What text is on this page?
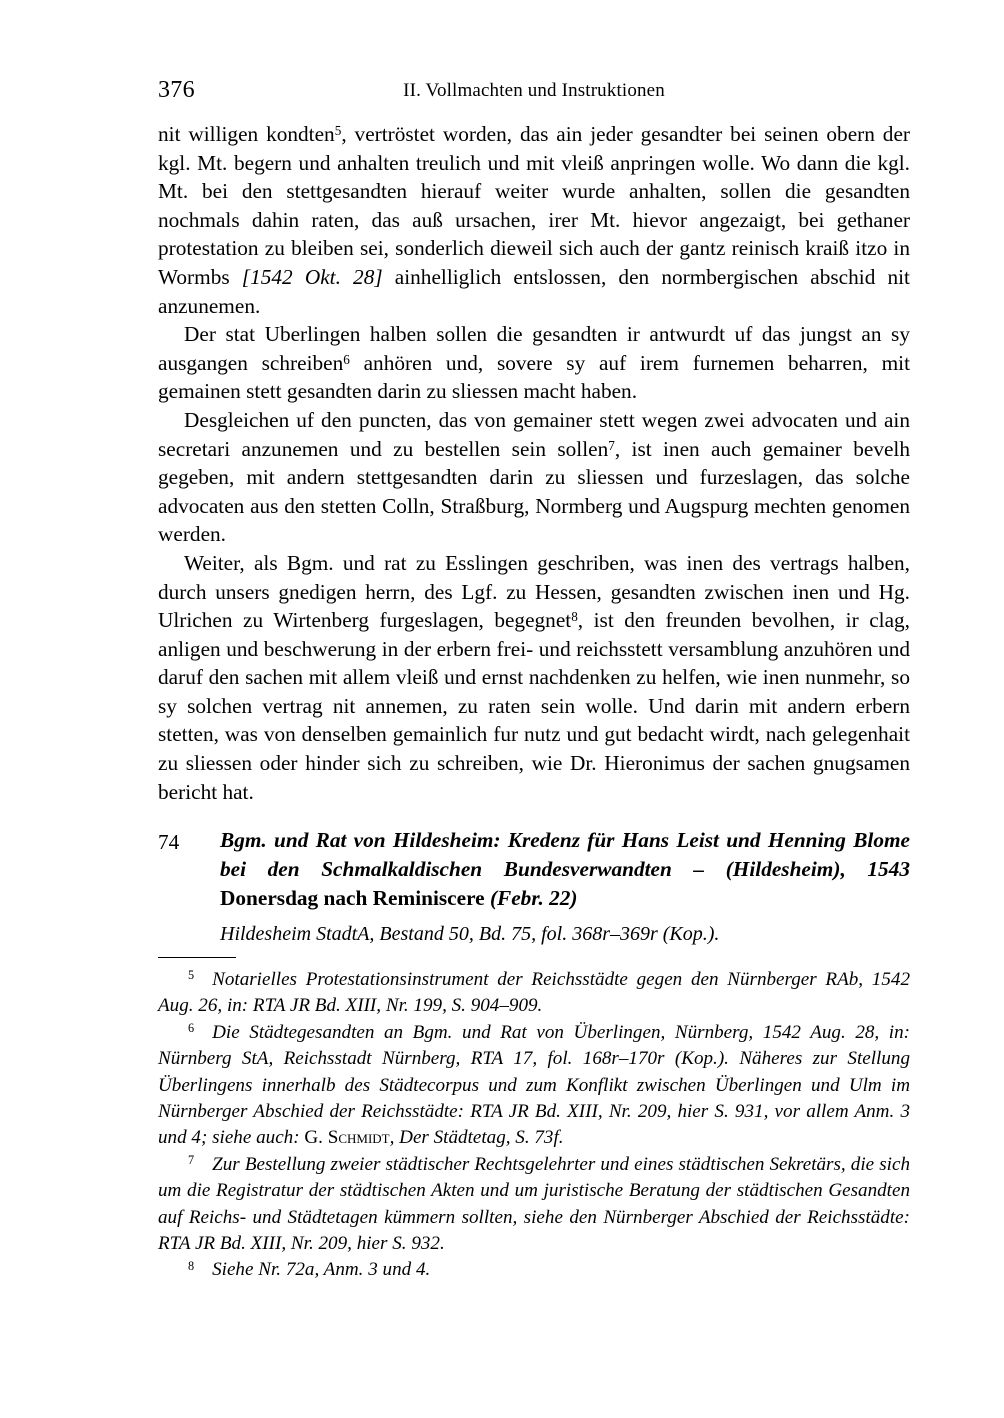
376	II. Vollmachten und Instruktionen

nit willigen kondten$^5$, vertröstet worden, das ain jeder gesandter bei seinen obern der kgl. Mt. begern und anhalten treulich und mit vleiß anpringen wolle. Wo dann die kgl. Mt. bei den stettgesandten hierauf weiter wurde anhalten, sollen die gesandten nochmals dahin raten, das auß ursachen, irer Mt. hievor angezaigt, bei gethaner protestation zu bleiben sei, sonderlich dieweil sich auch der gantz reinisch kraiß itzo in Wormbs [1542 Okt. 28] ainhelliglich entslossen, den normbergischen abschid nit anzunemen.

Der stat Uberlingen halben sollen die gesandten ir antwurdt uf das jungst an sy ausgangen schreiben$^6$ anhören und, sovere sy auf irem furnemen beharren, mit gemainen stett gesandten darin zu sliessen macht haben.

Desgleichen uf den puncten, das von gemainer stett wegen zwei advocaten und ain secretari anzunemen und zu bestellen sein sollen$^7$, ist inen auch gemainer bevelh gegeben, mit andern stettgesandten darin zu sliessen und furzeslagen, das solche advocaten aus den stetten Colln, Straßburg, Normberg und Augspurg mechten genomen werden.

Weiter, als Bgm. und rat zu Esslingen geschriben, was inen des vertrags halben, durch unsers gnedigen herrn, des Lgf. zu Hessen, gesandten zwischen inen und Hg. Ulrichen zu Wirtenberg furgeslagen, begegnet$^8$, ist den freunden bevolhen, ir clag, anligen und beschwerung in der erbern frei- und reichsstett versamblung anzuhören und daruf den sachen mit allem vleiß und ernst nachdenken zu helfen, wie inen nunmehr, so sy solchen vertrag nit annemen, zu raten sein wolle. Und darin mit andern erbern stetten, was von denselben gemainlich fur nutz und gut bedacht wirdt, nach gelegenhait zu sliessen oder hinder sich zu schreiben, wie Dr. Hieronimus der sachen gnugsamen bericht hat.

74 Bgm. und Rat von Hildesheim: Kredenz für Hans Leist und Henning Blome bei den Schmalkaldischen Bundesverwandten – (Hildesheim), 1543 Donersdag nach Reminiscere (Febr. 22)
Hildesheim StadtA, Bestand 50, Bd. 75, fol. 368r–369r (Kop.).

$^5$ Notarielles Protestationsinstrument der Reichsstädte gegen den Nürnberger RAb, 1542 Aug. 26, in: RTA JR Bd. XIII, Nr. 199, S. 904–909.

$^6$ Die Städtegesandten an Bgm. und Rat von Überlingen, Nürnberg, 1542 Aug. 28, in: Nürnberg StA, Reichsstadt Nürnberg, RTA 17, fol. 168r–170r (Kop.). Näheres zur Stellung Überlingens innerhalb des Städtecorpus und zum Konflikt zwischen Überlingen und Ulm im Nürnberger Abschied der Reichsstädte: RTA JR Bd. XIII, Nr. 209, hier S. 931, vor allem Anm. 3 und 4; siehe auch: G. Schmidt, Der Städtetag, S. 73f.

$^7$ Zur Bestellung zweier städtischer Rechtsgelehrter und eines städtischen Sekretärs, die sich um die Registratur der städtischen Akten und um juristische Beratung der städtischen Gesandten auf Reichs- und Städtetagen kümmern sollten, siehe den Nürnberger Abschied der Reichsstädte: RTA JR Bd. XIII, Nr. 209, hier S. 932.

$^8$ Siehe Nr. 72a, Anm. 3 und 4.
